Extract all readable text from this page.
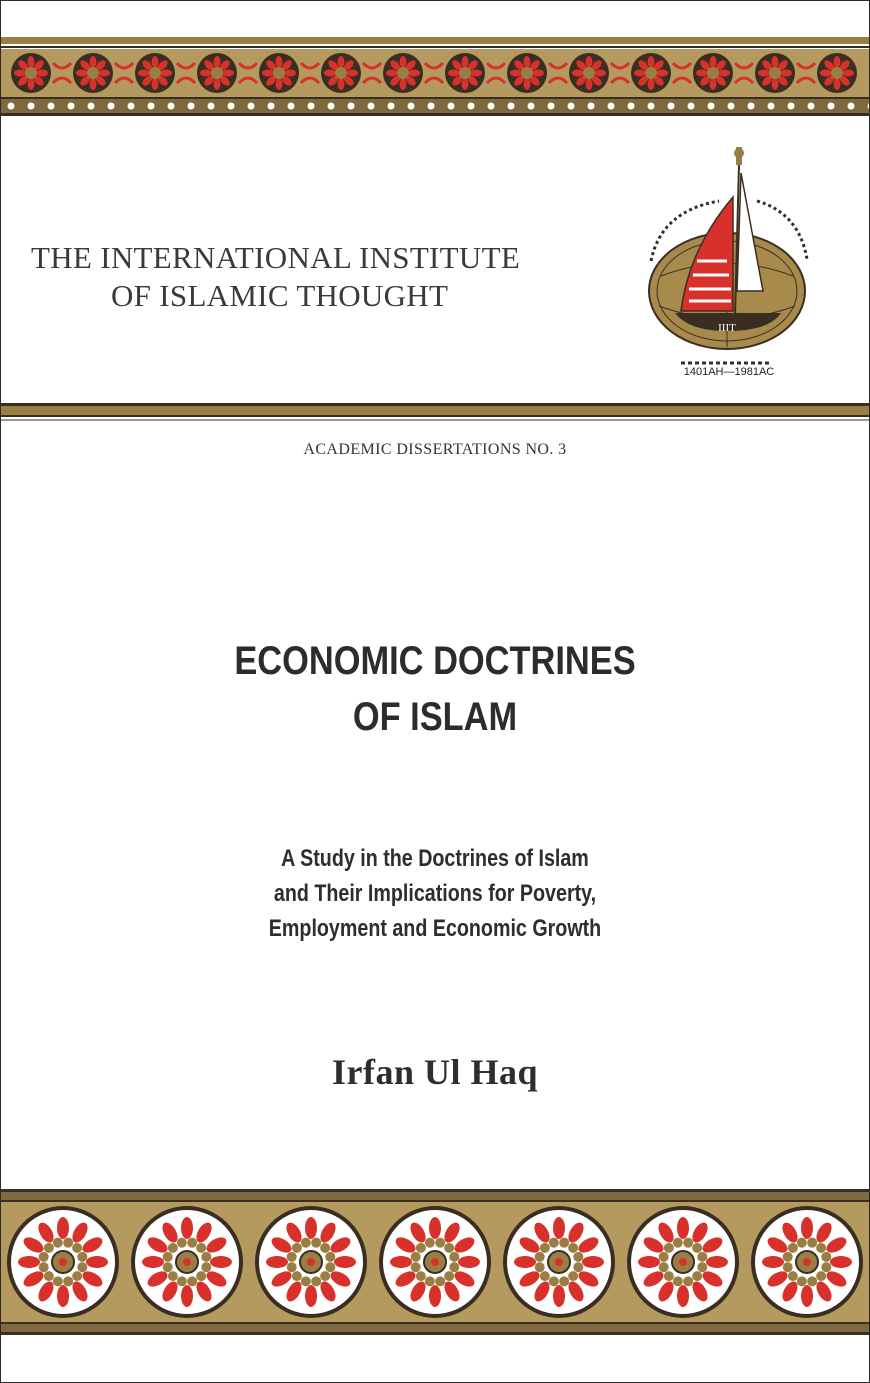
THE INTERNATIONAL INSTITUTE
OF ISLAMIC THOUGHT
IIIT
1401AH—1981AC
ACADEMIC DISSERTATIONS NO. 3
ECONOMIC DOCTRINES
OF ISLAM
A Study in the Doctrines of Islam
and Their Implications for Poverty,
Employment and Economic Growth
Irfan Ul Haq
